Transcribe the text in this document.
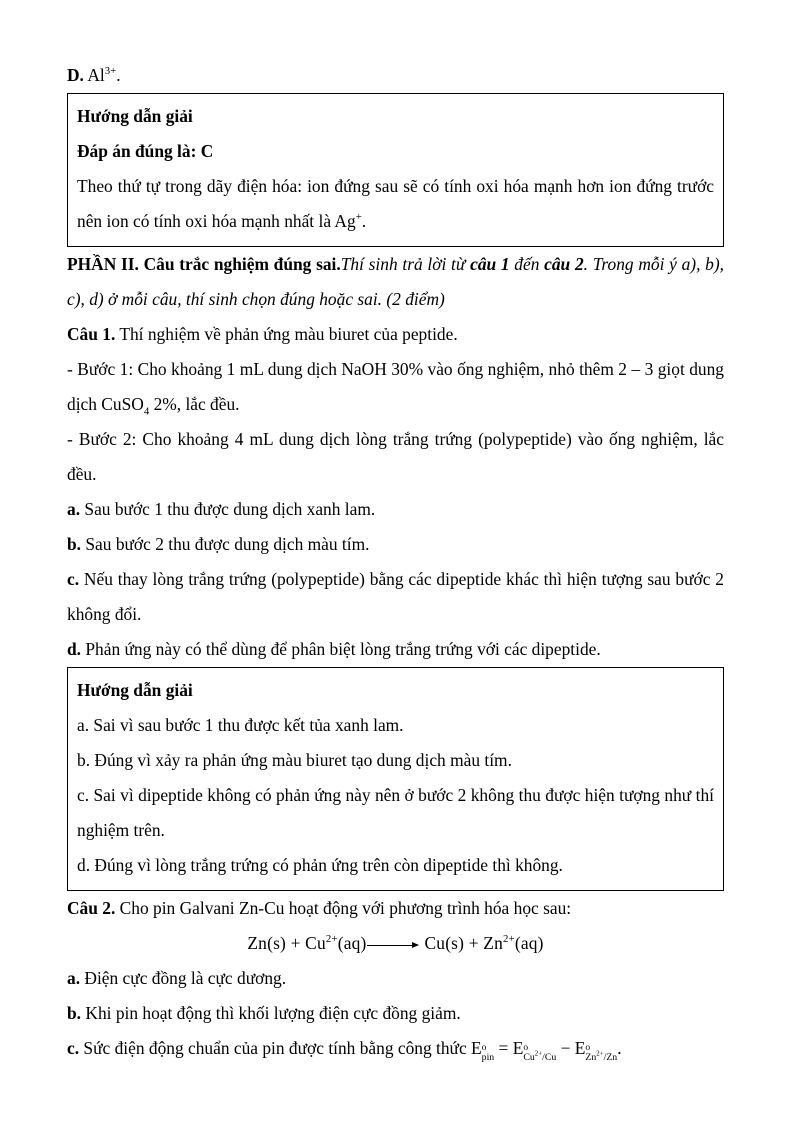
D. $Al^{3+}$.

Hướng dẫn giải

Đáp án đúng là: C

Theo thứ tự trong dãy điện hóa: ion đứng sau sẽ có tính oxi hóa mạnh hơn ion đứng trước nên ion có tính oxi hóa mạnh nhất là Ag+.

PHẦN II. Câu trắc nghiệm đúng sai.Thí sinh trả lời từ câu 1 đến câu 2. Trong mỗi ý a), b), c), d) ở mỗi câu, thí sinh chọn đúng hoặc sai. (2 điểm)

Câu 1. Thí nghiệm về phản ứng màu biuret của peptide.

- Bước 1: Cho khoảng 1 mL dung dịch NaOH 30% vào ống nghiệm, nhỏ thêm 2 – 3 giọt dung dịch CuSO$_4$ 2%, lắc đều.

- Bước 2: Cho khoảng 4 mL dung dịch lòng trắng trứng (polypeptide) vào ống nghiệm, lắc đều.

a. Sau bước 1 thu được dung dịch xanh lam.

b. Sau bước 2 thu được dung dịch màu tím.

c. Nếu thay lòng trắng trứng (polypeptide) bằng các dipeptide khác thì hiện tượng sau bước 2 không đổi.

d. Phản ứng này có thể dùng để phân biệt lòng trắng trứng với các dipeptide.

Hướng dẫn giải

a. Sai vì sau bước 1 thu được kết tủa xanh lam.

b. Đúng vì xảy ra phản ứng màu biuret tạo dung dịch màu tím.

c. Sai vì dipeptide không có phản ứng này nên ở bước 2 không thu được hiện tượng như thí nghiệm trên.

d. Đúng vì lòng trắng trứng có phản ứng trên còn dipeptide thì không.

Câu 2. Cho pin Galvani Zn-Cu hoạt động với phương trình hóa học sau:

$Zn(s) + Cu^{2+}(aq)$	$Cu(s) + Zn^{2+}(aq)$

a. Điện cực đồng là cực dương.

b. Khi pin hoạt động thì khối lượng điện cực đồng giảm.

c. Sức điện động chuẩn của pin được tính bằng công thức E o
pin = E o
$Cu^{2+}/Cu - E$ o
$Zn^{2+}/Zn$ .
